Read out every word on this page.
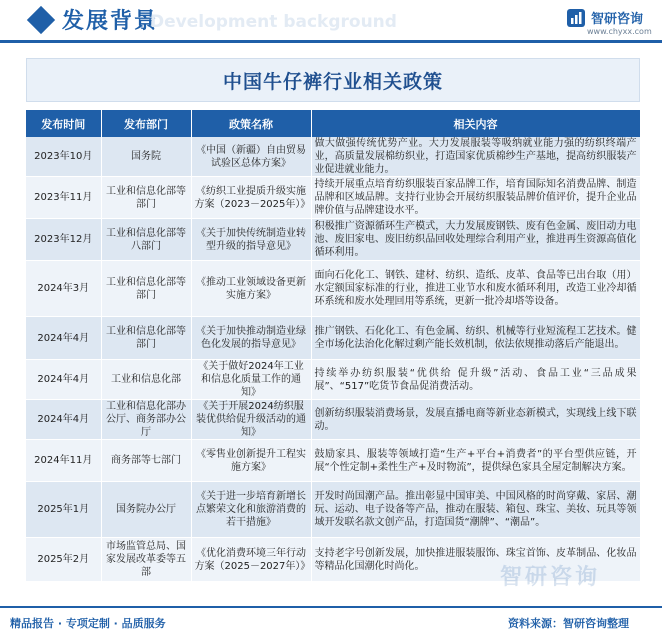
发展背景
Development background	智研咨询
www.chyxx.com
中国牛仔裤行业相关政策
发布时间	发布部门	政策名称	相关内容
2023年10月	国务院	《中国（新疆）自由贸易试验区总体方案》	做大做强传统优势产业。大力发展服装等吸纳就业能力强的纺织终端产业，高质量发展棉纺织业，打造国家优质棉纱生产基地，提高纺织服装产业促进就业能力。
2023年11月	工业和信息化部等部门	《纺织工业提质升级实施方案（2023－2025年）》	持续开展重点培育纺织服装百家品牌工作，培育国际知名消费品牌、制造品牌和区域品牌。支持行业协会开展纺织服装品牌价值评价，提升企业品牌价值与品牌建设水平。
2023年12月	工业和信息化部等八部门	《关于加快传统制造业转型升级的指导意见》	积极推广资源循环生产模式，大力发展废钢铁、废有色金属、废旧动力电池、废旧家电、废旧纺织品回收处理综合利用产业，推进再生资源高值化循环利用。
2024年3月	工业和信息化部等部门	《推动工业领域设备更新实施方案》	面向石化化工、钢铁、建材、纺织、造纸、皮革、食品等已出台取（用）水定额国家标准的行业，推进工业节水和废水循环利用，改造工业冷却循环系统和废水处理回用等系统，更新一批冷却塔等设备。
2024年4月	工业和信息化部等部门	《关于加快推动制造业绿色化发展的指导意见》	推广钢铁、石化化工、有色金属、纺织、机械等行业短流程工艺技术。健全市场化法治化化解过剩产能长效机制，依法依规推动落后产能退出。
2024年4月	工业和信息化部	《关于做好2024年工业和信息化质量工作的通知》	持续举办纺织服装“优供给 促升级”活动、食品工业“三品成果展”、“517”吃货节食品促消费活动。
2024年4月	工业和信息化部办公厅、商务部办公厅	《关于开展2024纺织服装优供给促升级活动的通知》	创新纺织服装消费场景，发展直播电商等新业态新模式，实现线上线下联动。
2024年11月	商务部等七部门	《零售业创新提升工程实施方案》	鼓励家具、服装等领域打造“生产+平台+消费者”的平台型供应链，开展“个性定制+柔性生产+及时物流”，提供绿色家具全屋定制解决方案。
2025年1月	国务院办公厅	《关于进一步培育新增长点繁荣文化和旅游消费的若干措施》	开发时尚国潮产品。推出彰显中国审美、中国风格的时尚穿戴、家居、潮玩、运动、电子设备等产品，推动在服装、箱包、珠宝、美妆、玩具等领域开发联名款文创产品，打造国货“潮牌”、“潮品”。
2025年2月	市场监管总局、国家发展改革委等五部	《优化消费环境三年行动方案（2025－2027年）》	支持老字号创新发展，加快推进服装服饰、珠宝首饰、皮革制品、化妆品等精品化国潮化时尚化。	智研咨询
精品报告 · 专项定制 · 品质服务	资料来源：智研咨询整理
